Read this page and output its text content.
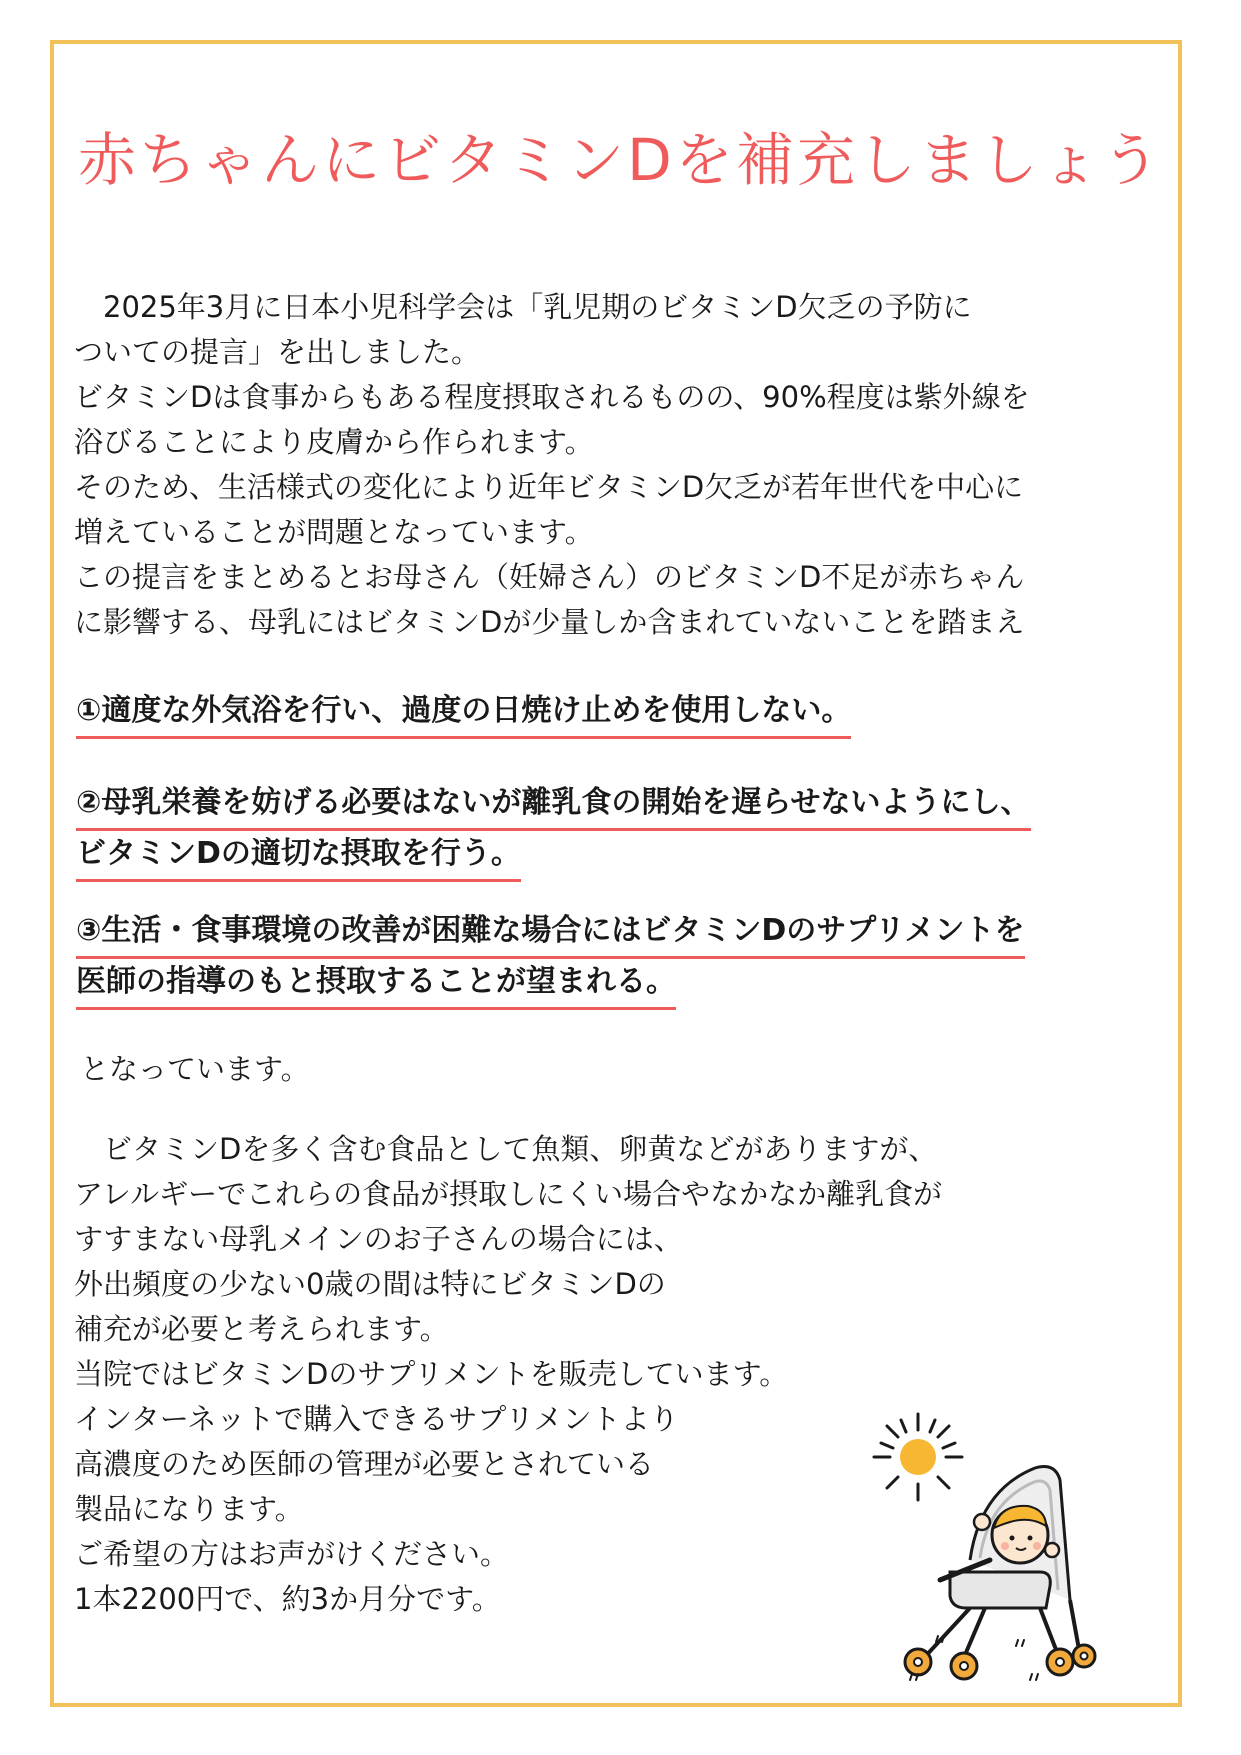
赤ちゃんにビタミンDを補充しましょう
　2025年3月に日本小児科学会は「乳児期のビタミンD欠乏の予防に
ついての提言」を出しました。
ビタミンDは食事からもある程度摂取されるものの、90%程度は紫外線を
浴びることにより皮膚から作られます。
そのため、生活様式の変化により近年ビタミンD欠乏が若年世代を中心に
増えていることが問題となっています。
この提言をまとめるとお母さん（妊婦さん）のビタミンD不足が赤ちゃん
に影響する、母乳にはビタミンDが少量しか含まれていないことを踏まえ
①適度な外気浴を行い、過度の日焼け止めを使用しない。
②母乳栄養を妨げる必要はないが離乳食の開始を遅らせないようにし、
ビタミンDの適切な摂取を行う。
③生活・食事環境の改善が困難な場合にはビタミンDのサプリメントを
医師の指導のもと摂取することが望まれる。
となっています。
　ビタミンDを多く含む食品として魚類、卵黄などがありますが、
アレルギーでこれらの食品が摂取しにくい場合やなかなか離乳食が
すすまない母乳メインのお子さんの場合には、
外出頻度の少ない0歳の間は特にビタミンDの
補充が必要と考えられます。
当院ではビタミンDのサプリメントを販売しています。
インターネットで購入できるサプリメントより
高濃度のため医師の管理が必要とされている
製品になります。
ご希望の方はお声がけください。
1本2200円で、約3か月分です。
